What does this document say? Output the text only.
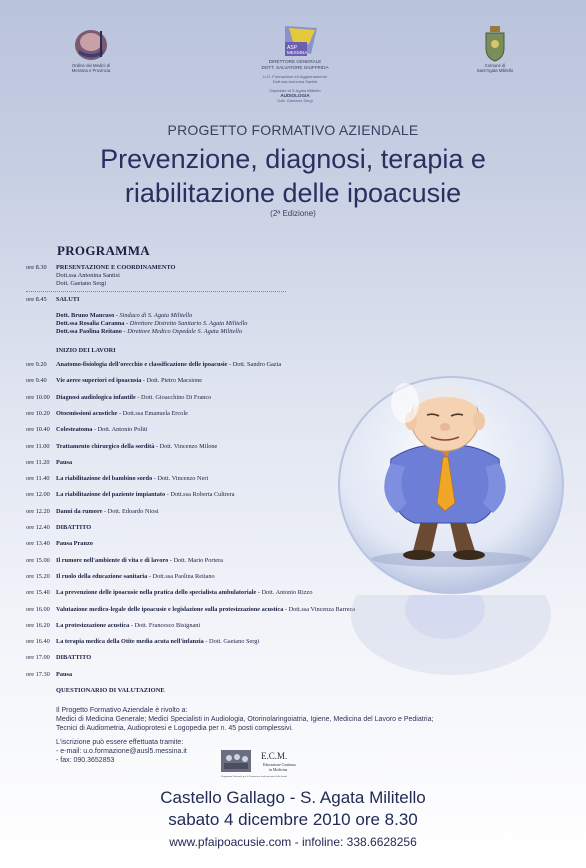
Ordine dei Medici di
Messina e Provincia
ASP
MESSINA
DIRETTORE GENERALE
DOTT. SALVATORE GIUFFRIDA
U.O. Formazione ed Aggiornamento
Dott.ssa Antonina Santisi
Ospedale di S.Agata Militello
AUDIOLOGIA
Dott. Gaetano Sergi
Comune di
Sant'Agata Militello
PROGETTO FORMATIVO AZIENDALE
Prevenzione, diagnosi, terapia e
riabilitazione delle ipoacusie
(2ª Edizione)
PROGRAMMA
ore 8.30	PRESENTAZIONE E COORDINAMENTO
Dott.ssa Antonina Santisi
Dott. Gaetano Sergi
ore 8.45	SALUTI
Dott. Bruno Mancuso - Sindaco di S. Agata Militello
Dott.ssa Rosalia Caranna - Direttore Distretto Sanitario S. Agata Militello
Dott.ssa Paolina Reitano - Direttore Medico Ospedale S. Agata Militello
INIZIO DEI LAVORI
ore 9.20	Anatomo-fisiologia dell'orecchio e classificazione delle ipoacusie - Dott. Sandro Gazia
ore 9.40	Vie aeree superiori ed ipoacusia - Dott. Pietro Macsione
ore 10.00 Diagnosi audiologica infantile - Dott. Gioacchino Di Franco
ore 10.20 Otoemissioni acustiche - Dott.ssa Emanuela Ercole
ore 10.40 Colesteatoma - Dott. Antonio Politi
ore 11.00	Trattamento chirurgico della sordità - Dott. Vincenzo Milone
ore 11.20	Pausa
ore 11.40	La riabilitazione del bambino sordo - Dott. Vincenzo Neri
ore 12.00 La riabilitazione del paziente impiantato - Dott.ssa Roberta Cultrera
ore 12.20 Danni da rumore - Dott. Edoardo Niosi
ore 12.40 DIBATTITO
ore 13.40 Pausa Pranzo
ore 15.00 Il rumore nell'ambiente di vita e di lavoro - Dott. Mario Portera
ore 15.20 Il ruolo della educazione sanitaria - Dott.ssa Paolina Reitano
ore 15.40 La prevenzione delle ipoacusie nella pratica dello specialista ambulatoriale - Dott. Antonio Rizzo
ore 16.00 Valutazione medico-legale delle ipoacusie e legislazione sulla protesizzazione acustica - Dott.ssa Vincenza Barreca
ore 16.20 La protesizzazione acustica - Dott. Francesco Bisignani
ore 16.40 La terapia medica della Otite media acuta nell'infanzia - Dott. Gaetano Sergi
ore 17.00 DIBATTITO
ore 17.30 Pausa
QUESTIONARIO DI VALUTAZIONE
Il Progetto Formativo Aziendale è rivolto a:
Medici di Medicina Generale; Medici Specialisti in Audiologia, Otorinolaringoiatria, Igiene, Medicina del Lavoro e Pediatria;
Tecnici di Audiometria, Audioprotesi e Logopedia per n. 45 posti complessivi.
L'iscrizione può essere effettuata tramite:
- e-mail: u.o.formazione@ausl5.messina.it
- fax: 090.3652853	E.C.M.
Educazione Continua
in Medicina
Programma Nazionale per la Formazione degli operatori della Sanità
Castello Gallago - S. Agata Militello
sabato 4 dicembre 2010 ore 8.30
www.pfaipoacusie.com - infoline: 338.6628256
